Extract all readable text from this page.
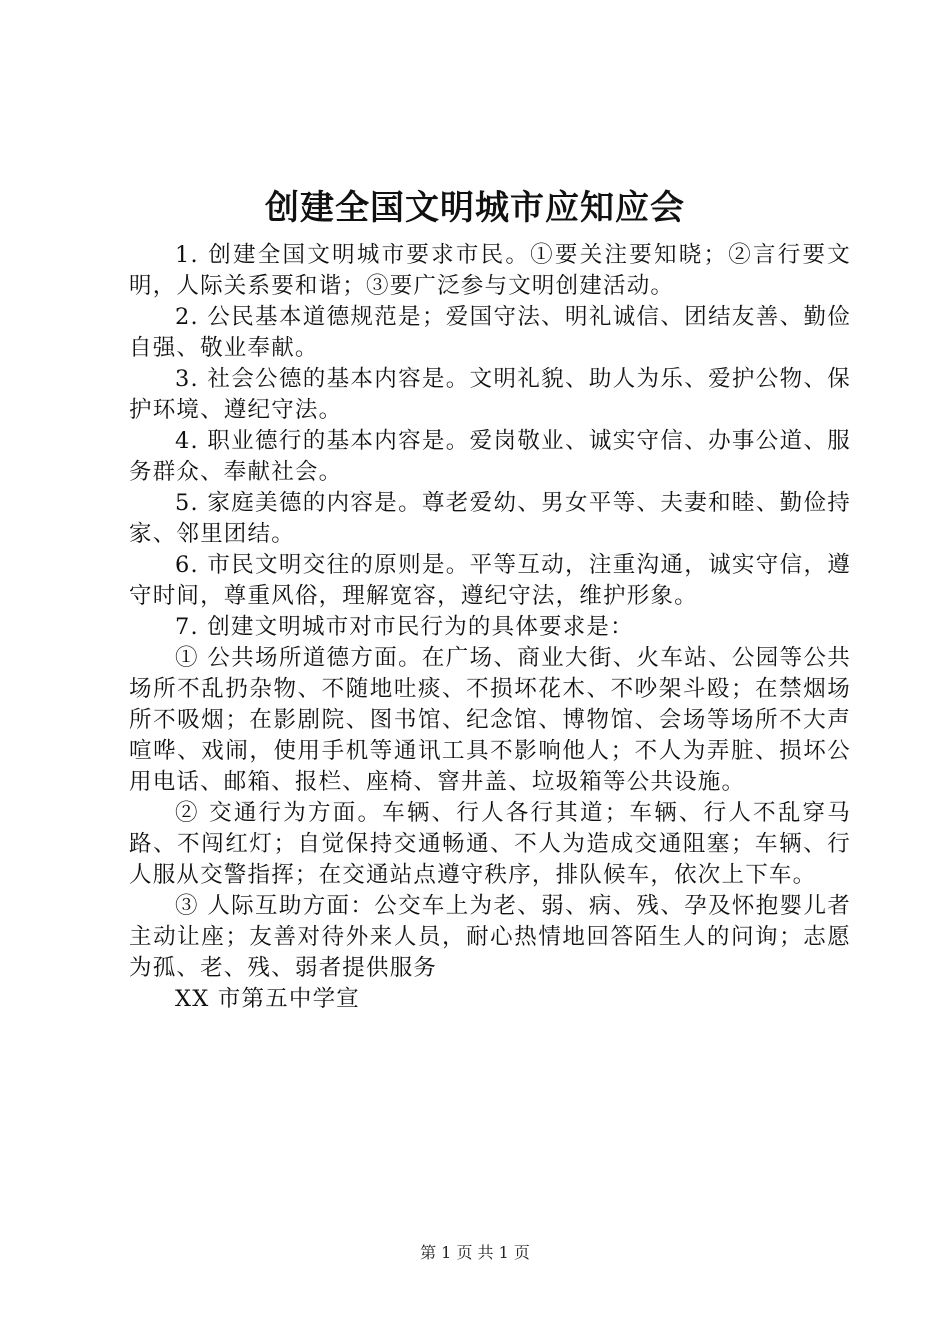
创建全国文明城市应知应会

1. 创建全国文明城市要求市民。①要关注要知晓；②言行要文明，人际关系要和谐；③要广泛参与文明创建活动。

2. 公民基本道德规范是；爱国守法、明礼诚信、团结友善、勤俭自强、敬业奉献。

3. 社会公德的基本内容是。文明礼貌、助人为乐、爱护公物、保护环境、遵纪守法。

4. 职业德行的基本内容是。爱岗敬业、诚实守信、办事公道、服务群众、奉献社会。

5. 家庭美德的内容是。尊老爱幼、男女平等、夫妻和睦、勤俭持家、邻里团结。

6. 市民文明交往的原则是。平等互动，注重沟通，诚实守信，遵守时间，尊重风俗，理解宽容，遵纪守法，维护形象。

7. 创建文明城市对市民行为的具体要求是：

① 公共场所道德方面。在广场、商业大街、火车站、公园等公共场所不乱扔杂物、不随地吐痰、不损坏花木、不吵架斗殴；在禁烟场所不吸烟；在影剧院、图书馆、纪念馆、博物馆、会场等场所不大声喧哗、戏闹，使用手机等通讯工具不影响他人；不人为弄脏、损坏公用电话、邮箱、报栏、座椅、窨井盖、垃圾箱等公共设施。

② 交通行为方面。车辆、行人各行其道；车辆、行人不乱穿马路、不闯红灯；自觉保持交通畅通、不人为造成交通阻塞；车辆、行人服从交警指挥；在交通站点遵守秩序，排队候车，依次上下车。

③ 人际互助方面：公交车上为老、弱、病、残、孕及怀抱婴儿者主动让座；友善对待外来人员，耐心热情地回答陌生人的问询；志愿为孤、老、残、弱者提供服务

XX 市第五中学宣

第 1 页 共 1 页
